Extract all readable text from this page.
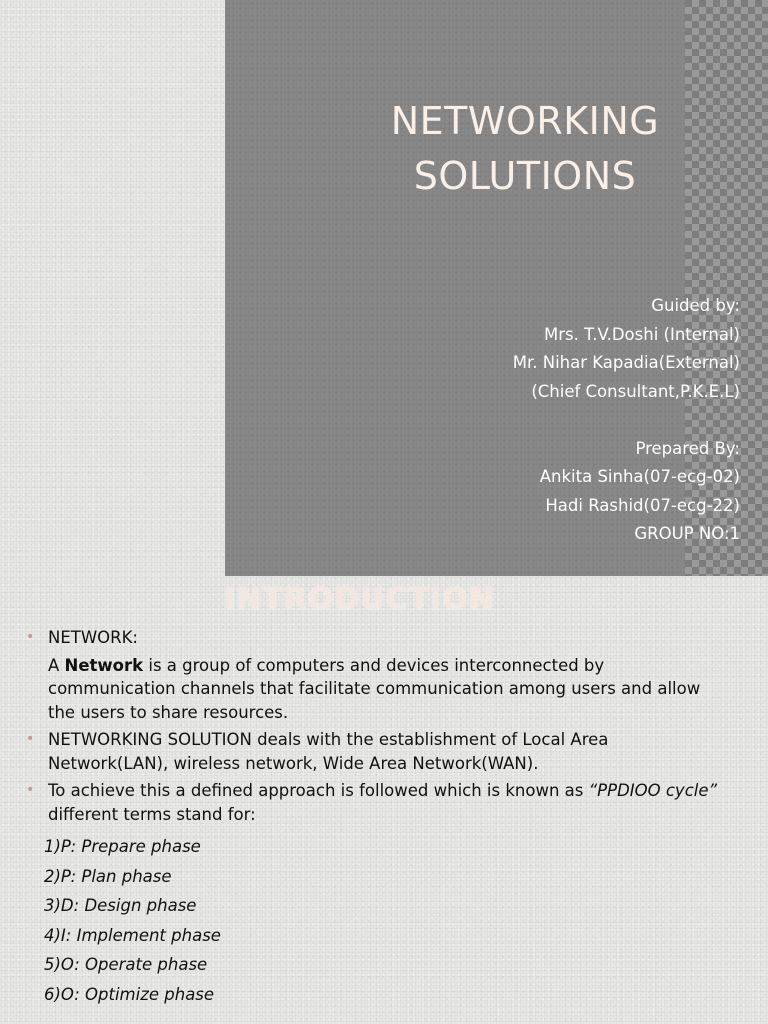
NETWORKING
SOLUTIONS
Guided by:
Mrs. T.V.Doshi (Internal)
Mr. Nihar Kapadia(External)
(Chief Consultant,P.K.E.L)
Prepared By:
Ankita Sinha(07-ecg-02)
Hadi Rashid(07-ecg-22)
GROUP NO:1
INTRODUCTION
• NETWORK:
A Network is a group of computers and devices interconnected by communication channels that facilitate communication among users and allow the users to share resources.
• NETWORKING SOLUTION deals with the establishment of Local Area Network(LAN), wireless network, Wide Area Network(WAN).
• To achieve this a defined approach is followed which is known as “PPDIOO cycle” different terms stand for:
1)P: Prepare phase
2)P: Plan phase
3)D: Design phase
4)I: Implement phase
5)O: Operate phase
6)O: Optimize phase
